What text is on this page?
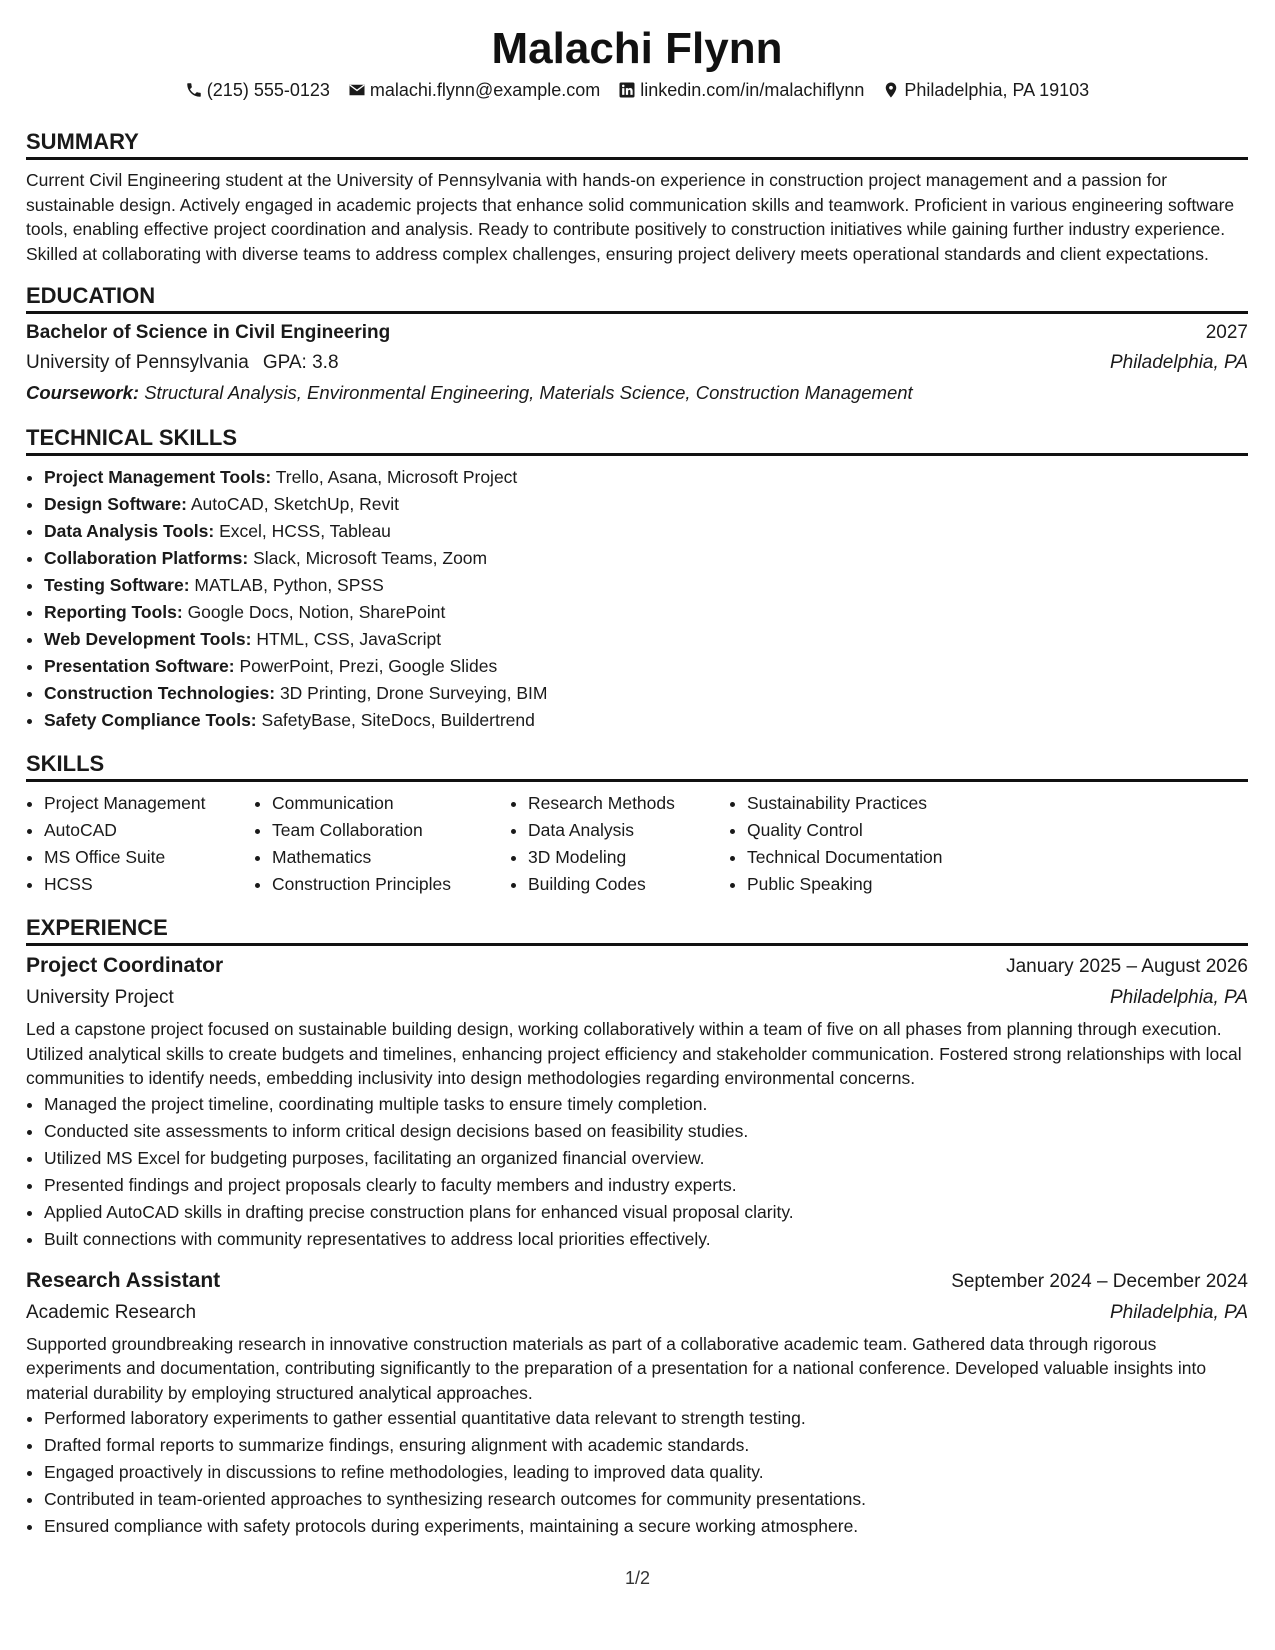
Malachi Flynn
(215) 555-0123 malachi.flynn@example.com linkedin.com/in/malachiflynn Philadelphia, PA 19103
SUMMARY

Current Civil Engineering student at the University of Pennsylvania with hands-on experience in construction project management and a passion for sustainable design. Actively engaged in academic projects that enhance solid communication skills and teamwork. Proficient in various engineering software tools, enabling effective project coordination and analysis. Ready to contribute positively to construction initiatives while gaining further industry experience. Skilled at collaborating with diverse teams to address complex challenges, ensuring project delivery meets operational standards and client expectations.

EDUCATION
Bachelor of Science in Civil Engineering	2027
University of Pennsylvania GPA: 3.8	Philadelphia, PA
Coursework: Structural Analysis, Environmental Engineering, Materials Science, Construction Management
TECHNICAL SKILLS
• Project Management Tools: Trello, Asana, Microsoft Project
• Design Software: AutoCAD, SketchUp, Revit
• Data Analysis Tools: Excel, HCSS, Tableau
• Collaboration Platforms: Slack, Microsoft Teams, Zoom
• Testing Software: MATLAB, Python, SPSS
• Reporting Tools: Google Docs, Notion, SharePoint
• Web Development Tools: HTML, CSS, JavaScript
• Presentation Software: PowerPoint, Prezi, Google Slides
• Construction Technologies: 3D Printing, Drone Surveying, BIM
• Safety Compliance Tools: SafetyBase, SiteDocs, Buildertrend
SKILLS
• Project Management
• AutoCAD
• MS Office Suite
• HCSS
• Communication
• Team Collaboration
• Mathematics
• Construction Principles
• Research Methods
• Data Analysis
• 3D Modeling
• Building Codes
• Sustainability Practices
• Quality Control
• Technical Documentation
• Public Speaking
EXPERIENCE
Project Coordinator	January 2025 – August 2026
University Project	Philadelphia, PA

Led a capstone project focused on sustainable building design, working collaboratively within a team of five on all phases from planning through execution. Utilized analytical skills to create budgets and timelines, enhancing project efficiency and stakeholder communication. Fostered strong relationships with local communities to identify needs, embedding inclusivity into design methodologies regarding environmental concerns.

• Managed the project timeline, coordinating multiple tasks to ensure timely completion.
• Conducted site assessments to inform critical design decisions based on feasibility studies.
• Utilized MS Excel for budgeting purposes, facilitating an organized financial overview.
• Presented findings and project proposals clearly to faculty members and industry experts.
• Applied AutoCAD skills in drafting precise construction plans for enhanced visual proposal clarity.
• Built connections with community representatives to address local priorities effectively.
Research Assistant	September 2024 – December 2024
Academic Research	Philadelphia, PA

Supported groundbreaking research in innovative construction materials as part of a collaborative academic team. Gathered data through rigorous experiments and documentation, contributing significantly to the preparation of a presentation for a national conference. Developed valuable insights into material durability by employing structured analytical approaches.

• Performed laboratory experiments to gather essential quantitative data relevant to strength testing.
• Drafted formal reports to summarize findings, ensuring alignment with academic standards.
• Engaged proactively in discussions to refine methodologies, leading to improved data quality.
• Contributed in team-oriented approaches to synthesizing research outcomes for community presentations.
• Ensured compliance with safety protocols during experiments, maintaining a secure working atmosphere.
1/2
